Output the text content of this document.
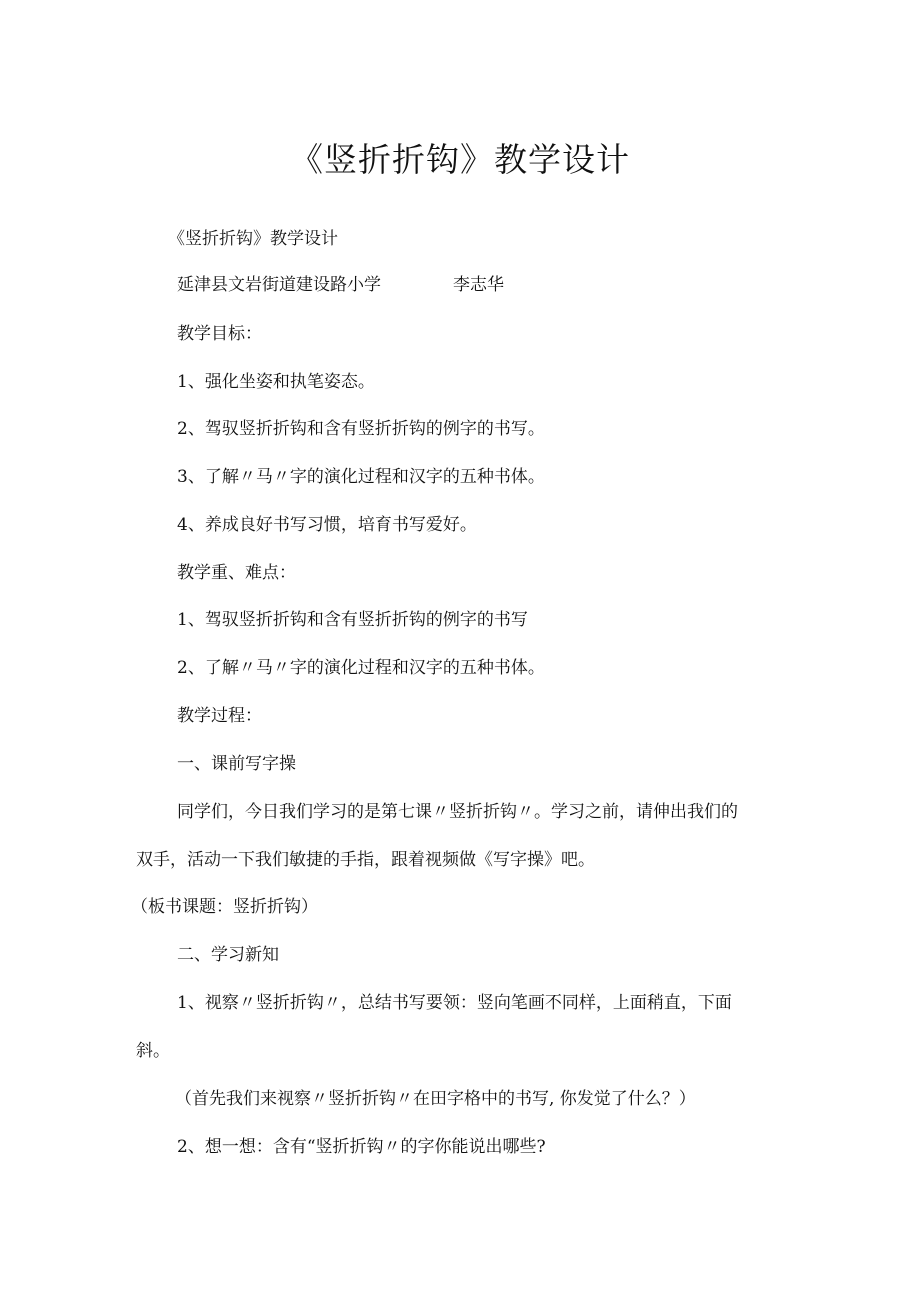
《竖折折钩》教学设计
《竖折折钩》教学设计
延津县文岩街道建设路小学	李志华
教学目标：
1、强化坐姿和执笔姿态。
2、驾驭竖折折钩和含有竖折折钩的例字的书写。
3、了解〃马〃字的演化过程和汉字的五种书体。
4、养成良好书写习惯，培育书写爱好。
教学重、难点：
1、驾驭竖折折钩和含有竖折折钩的例字的书写
2、了解〃马〃字的演化过程和汉字的五种书体。
教学过程：
一、课前写字操
同学们，今日我们学习的是第七课〃竖折折钩〃。学习之前，请伸出我们的
双手，活动一下我们敏捷的手指，跟着视频做《写字操》吧。
（板书课题：竖折折钩）
二、学习新知
1、视察〃竖折折钩〃，总结书写要领：竖向笔画不同样，上面稍直，下面
斜。
（首先我们来视察〃竖折折钩〃在田字格中的书写, 你发觉了什么？）
2、想一想：含有“竖折折钩〃的字你能说出哪些?
